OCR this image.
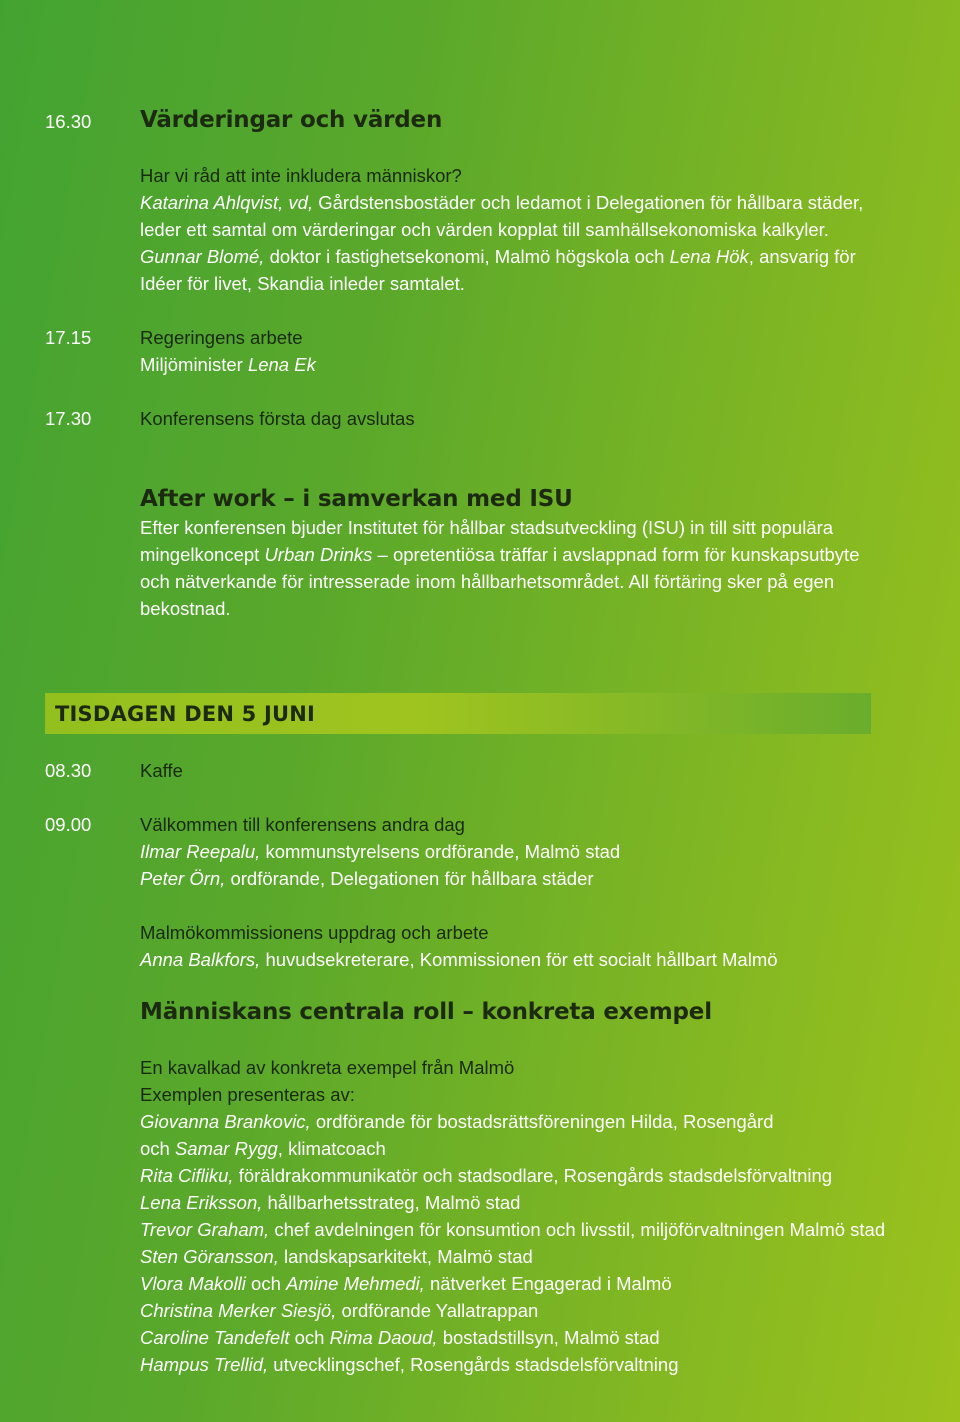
16.30 Värderingar och värden
Har vi råd att inte inkludera människor?
Katarina Ahlqvist, vd, Gårdstensbostäder och ledamot i Delegationen för hållbara städer,
leder ett samtal om värderingar och värden kopplat till samhällsekonomiska kalkyler.
Gunnar Blomé, doktor i fastighetsekonomi, Malmö högskola och Lena Hök, ansvarig för
Idéer för livet, Skandia inleder samtalet.
17.15	Regeringens arbete
Miljöminister Lena Ek
17.30	Konferensens första dag avslutas
After work – i samverkan med ISU
Efter konferensen bjuder Institutet för hållbar stadsutveckling (ISU) in till sitt populära
mingelkoncept Urban Drinks – opretentiösa träffar i avslappnad form för kunskapsutbyte
och nätverkande för intresserade inom hållbarhetsområdet. All förtäring sker på egen
bekostnad.
TISDAGEN DEN 5 JUNI
08.30	Kaffe
09.00	Välkommen till konferensens andra dag
Ilmar Reepalu, kommunstyrelsens ordförande, Malmö stad
Peter Örn, ordförande, Delegationen för hållbara städer
Malmökommissionens uppdrag och arbete
Anna Balkfors, huvudsekreterare, Kommissionen för ett socialt hållbart Malmö
Människans centrala roll – konkreta exempel
En kavalkad av konkreta exempel från Malmö
Exemplen presenteras av:
Giovanna Brankovic, ordförande för bostadsrättsföreningen Hilda, Rosengård
och Samar Rygg, klimatcoach
Rita Cifliku, föräldrakommunikatör och stadsodlare, Rosengårds stadsdelsförvaltning
Lena Eriksson, hållbarhetsstrateg, Malmö stad
Trevor Graham, chef avdelningen för konsumtion och livsstil, miljöförvaltningen Malmö stad
Sten Göransson, landskapsarkitekt, Malmö stad
Vlora Makolli och Amine Mehmedi, nätverket Engagerad i Malmö
Christina Merker Siesjö, ordförande Yallatrappan
Caroline Tandefelt och Rima Daoud, bostadstillsyn, Malmö stad
Hampus Trellid, utvecklingschef, Rosengårds stadsdelsförvaltning
